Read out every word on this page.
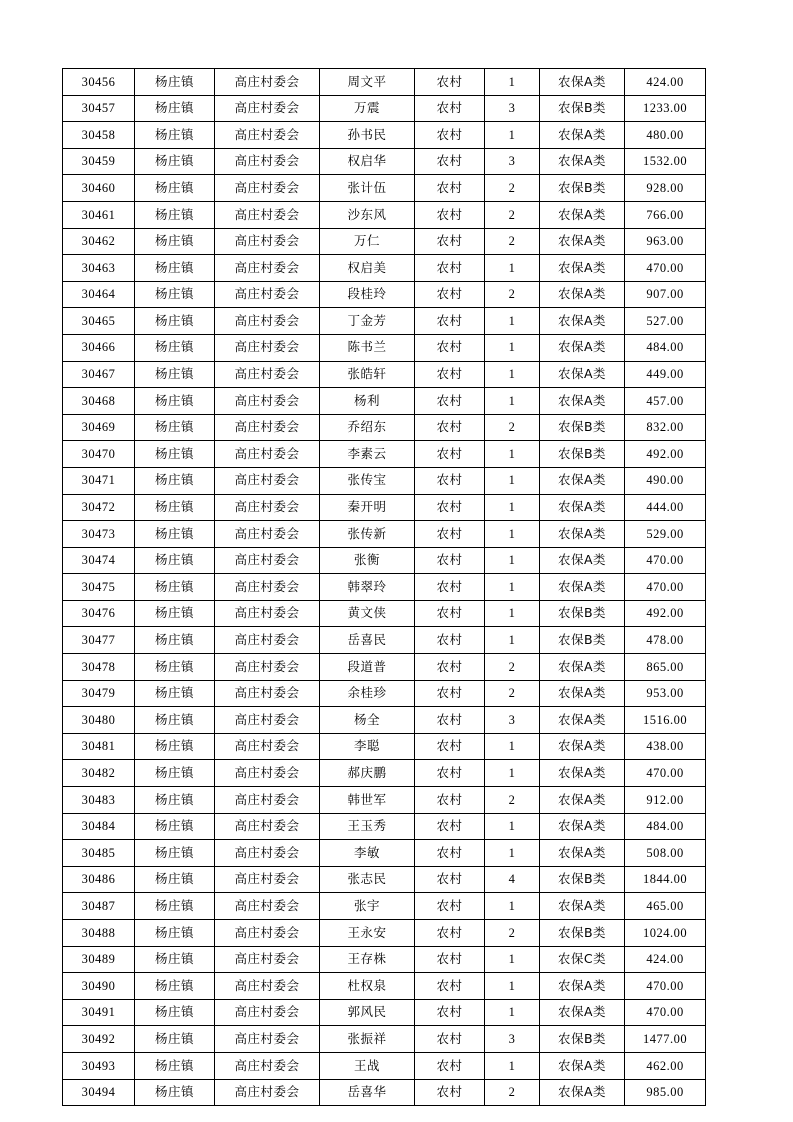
30456	杨庄镇	高庄村委会	周文平	农村	1	农保A类	424.00
30457	杨庄镇	高庄村委会	万震	农村	3	农保B类	1233.00
30458	杨庄镇	高庄村委会	孙书民	农村	1	农保A类	480.00
30459	杨庄镇	高庄村委会	权启华	农村	3	农保A类	1532.00
30460	杨庄镇	高庄村委会	张计伍	农村	2	农保B类	928.00
30461	杨庄镇	高庄村委会	沙东风	农村	2	农保A类	766.00
30462	杨庄镇	高庄村委会	万仁	农村	2	农保A类	963.00
30463	杨庄镇	高庄村委会	权启美	农村	1	农保A类	470.00
30464	杨庄镇	高庄村委会	段桂玲	农村	2	农保A类	907.00
30465	杨庄镇	高庄村委会	丁金芳	农村	1	农保A类	527.00
30466	杨庄镇	高庄村委会	陈书兰	农村	1	农保A类	484.00
30467	杨庄镇	高庄村委会	张皓轩	农村	1	农保A类	449.00
30468	杨庄镇	高庄村委会	杨利	农村	1	农保A类	457.00
30469	杨庄镇	高庄村委会	乔绍东	农村	2	农保B类	832.00
30470	杨庄镇	高庄村委会	李素云	农村	1	农保B类	492.00
30471	杨庄镇	高庄村委会	张传宝	农村	1	农保A类	490.00
30472	杨庄镇	高庄村委会	秦开明	农村	1	农保A类	444.00
30473	杨庄镇	高庄村委会	张传新	农村	1	农保A类	529.00
30474	杨庄镇	高庄村委会	张衡	农村	1	农保A类	470.00
30475	杨庄镇	高庄村委会	韩翠玲	农村	1	农保A类	470.00
30476	杨庄镇	高庄村委会	黄文侠	农村	1	农保B类	492.00
30477	杨庄镇	高庄村委会	岳喜民	农村	1	农保B类	478.00
30478	杨庄镇	高庄村委会	段道普	农村	2	农保A类	865.00
30479	杨庄镇	高庄村委会	余桂珍	农村	2	农保A类	953.00
30480	杨庄镇	高庄村委会	杨全	农村	3	农保A类	1516.00
30481	杨庄镇	高庄村委会	李聪	农村	1	农保A类	438.00
30482	杨庄镇	高庄村委会	郝庆鹏	农村	1	农保A类	470.00
30483	杨庄镇	高庄村委会	韩世军	农村	2	农保A类	912.00
30484	杨庄镇	高庄村委会	王玉秀	农村	1	农保A类	484.00
30485	杨庄镇	高庄村委会	李敏	农村	1	农保A类	508.00
30486	杨庄镇	高庄村委会	张志民	农村	4	农保B类	1844.00
30487	杨庄镇	高庄村委会	张宇	农村	1	农保A类	465.00
30488	杨庄镇	高庄村委会	王永安	农村	2	农保B类	1024.00
30489	杨庄镇	高庄村委会	王存株	农村	1	农保C类	424.00
30490	杨庄镇	高庄村委会	杜权泉	农村	1	农保A类	470.00
30491	杨庄镇	高庄村委会	郭风民	农村	1	农保A类	470.00
30492	杨庄镇	高庄村委会	张振祥	农村	3	农保B类	1477.00
30493	杨庄镇	高庄村委会	王战	农村	1	农保A类	462.00
30494	杨庄镇	高庄村委会	岳喜华	农村	2	农保A类	985.00
